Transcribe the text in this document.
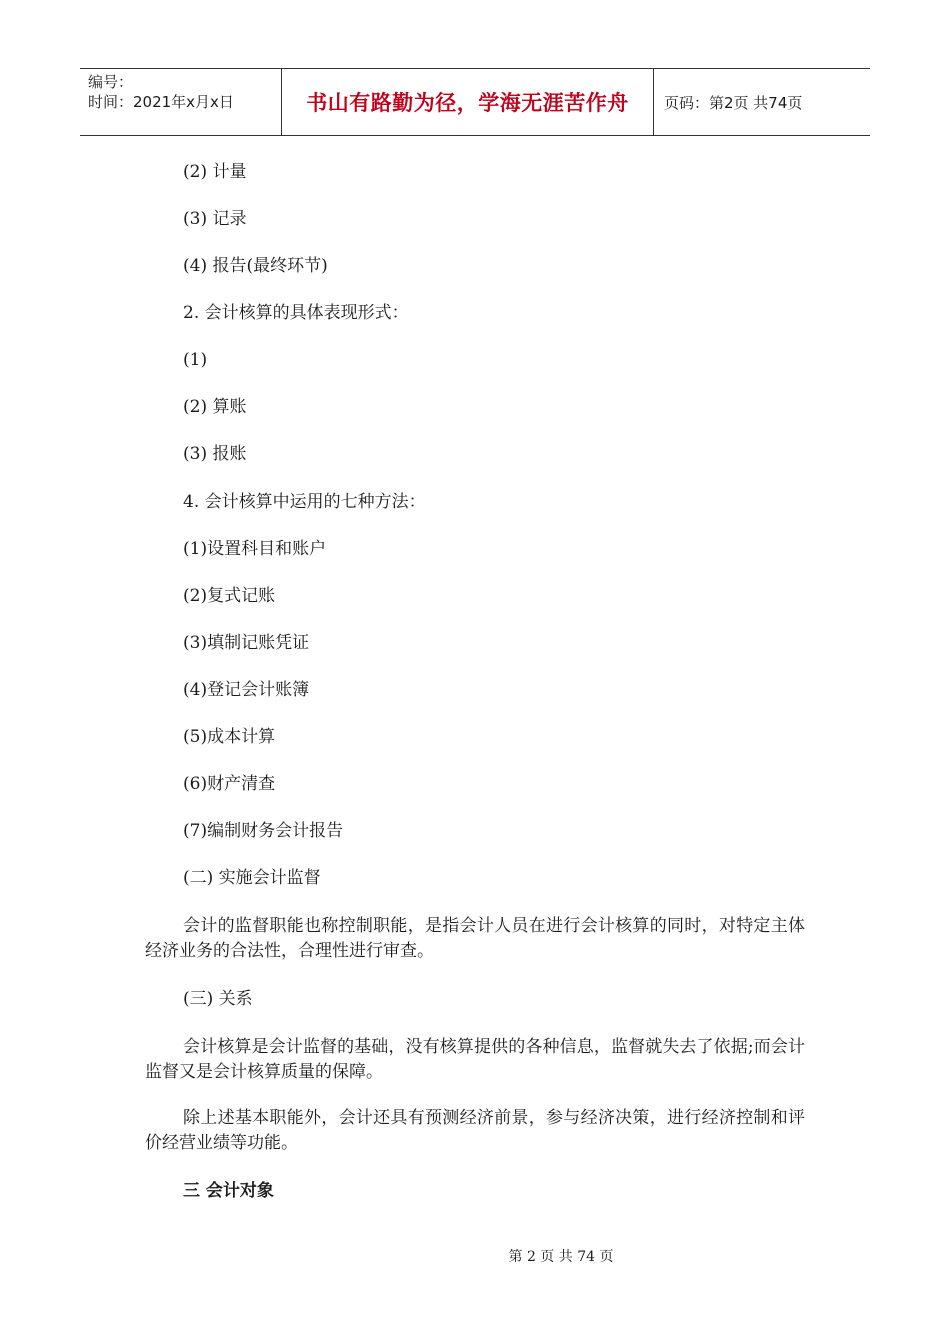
编号：
时间：2021年x月x日	书山有路勤为径，学海无涯苦作舟	页码：第2页 共74页

(2) 计量

(3) 记录

(4) 报告(最终环节)

2. 会计核算的具体表现形式：

(1)

(2) 算账

(3) 报账

4. 会计核算中运用的七种方法：

(1)设置科目和账户

(2)复式记账

(3)填制记账凭证

(4)登记会计账簿

(5)成本计算

(6)财产清查

(7)编制财务会计报告

(二) 实施会计监督

会计的监督职能也称控制职能，是指会计人员在进行会计核算的同时，对特定主体经济业务的合法性，合理性进行审查。

(三) 关系

会计核算是会计监督的基础，没有核算提供的各种信息，监督就失去了依据;而会计监督又是会计核算质量的保障。

除上述基本职能外，会计还具有预测经济前景，参与经济决策，进行经济控制和评价经营业绩等功能。

三 会计对象

第 2 页 共 74 页
